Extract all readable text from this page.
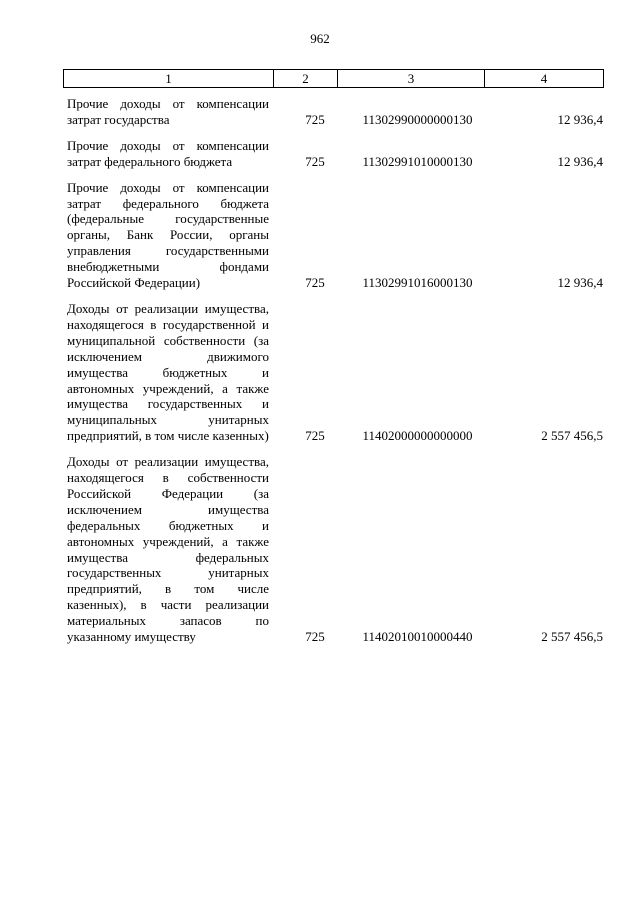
962
1	2	3	4
Прочие доходы от компенсации затрат государства	725	11302990000000130	12 936,4
Прочие доходы от компенсации затрат федерального бюджета	725	11302991010000130	12 936,4
Прочие доходы от компенсации затрат федерального бюджета (федеральные государственные органы, Банк России, органы управления государственными внебюджетными фондами Российской Федерации)	725	11302991016000130	12 936,4
Доходы от реализации имущества, находящегося в государственной и муниципальной собственности (за исключением движимого имущества бюджетных и автономных учреждений, а также имущества государственных и муниципальных унитарных предприятий, в том числе казенных)	725	11402000000000000	2 557 456,5
Доходы от реализации имущества, находящегося в собственности Российской Федерации (за исключением имущества федеральных бюджетных и автономных учреждений, а также имущества федеральных государственных унитарных предприятий, в том числе казенных), в части реализации материальных запасов по указанному имуществу	725	11402010010000440	2 557 456,5
